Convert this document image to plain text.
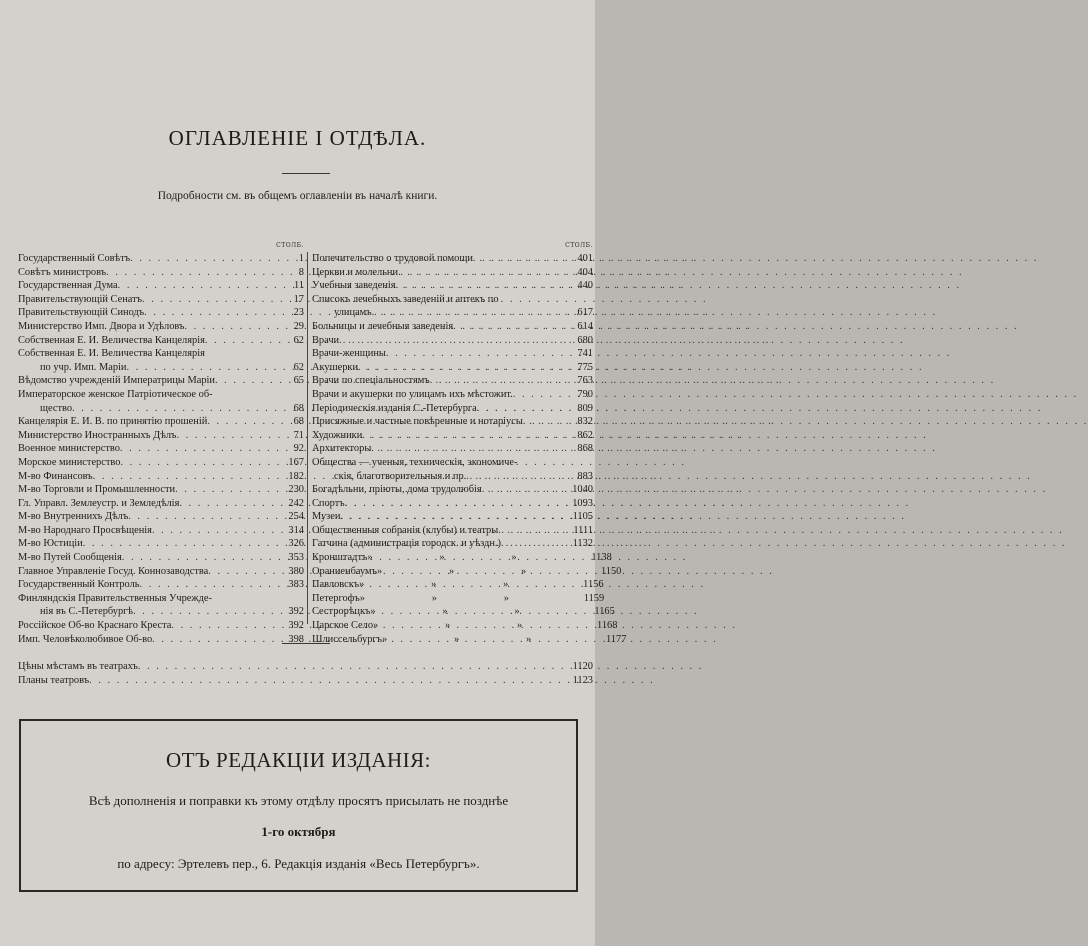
ОГЛАВЛЕНIЕ I ОТДѢЛА.
Подробности см. въ общемъ оглавленiи въ началѣ книги.
СТОЛБ.
Государственный Совѣтъ . . .	1
Совѣтъ министровъ . . .	8
Государственная Дума . . .	11
Правительствующiй Сенатъ . . .	17
Правительствующiй Синодъ . . .	23
Министерство Имп. Двора и Удѣловъ . . .	29
Собственная Е. И. Величества Канцелярiя . . .	62
Собственная Е. И. Величества Канцелярiя
по учр. Имп. Марiи . . .	62
Вѣдомство учрежденiй Императрицы Марiи . . .	65
Императорское женское Патрiотическое об-
щество . . .	68
Канцелярiя Е. И. В. по принятiю прошенiй . . .	68
Министерство Иностранныхъ Дѣлъ . . .	71
Военное министерство . . .	92
Морское министерство . . .	167
М-во Финансовъ . . .	182
М-во Торговли и Промышленности . . .	230
Гл. Управл. Землеустр. и Земледѣлiя . . .	242
М-во Внутреннихъ Дѣлъ . . .	254
М-во Народнаго Просвѣщенiя . . .	314
М-во Юстицiи . . .	326
М-во Путей Сообщенiя . . .	353
Главное Управленiе Госуд. Коннозаводства . . .	380
Государственный Контроль . . .	383
Финляндскiя Правительственныя Учрежде-
нiя въ С.-Петербургѣ . . .	392
Россiйское Об-во Краснаго Креста . . .	392
Имп. Человѣколюбивое Об-во . . .	398
СТОЛБ.
Попечительство о трудовой помощи . . .	401
Церкви и молельни . . .	404
Учебныя заведенiя . . .	440
Списокъ лечебныхъ заведенiй и аптекъ по
улицамъ . . .	617
Больницы и лечебныя заведенiя . . .	614
Врачи . . .	680
Врачи-женщины . . .	741
Акушерки . . .	775
Врачи по спецiальностямъ . . .	763
Врачи и акушерки по улицамъ ихъ мѣстожит. . . .	790
Перiодическiя изданiя С.-Петербурга . . .	809
Присяжные и частные повѣренные и нотарiусы . . .	832
Художники . . .	862
Архитекторы . . .	868
Общества — ученыя, техническiя, экономиче-
скiя, благотворительныя и пр. . . .	883
Богадѣльни, прiюты, дома трудолюбiя . . .	1040
Спортъ . . .	1093
Музеи . . .	1105
Общественныя собранiя (клубы) и театры . . .	1111
Гатчина (администрацiя городск. и уѣздн.) . . .	1132
Кронштадтъ »	»	»	1138
Ораниенбаумъ »	»	»	1150
Павловскъ »	»	»	1156
Петергофъ »	»	»	1159
Сестрорѣцкъ »	»	»	1165
Царское Село »	»	»	1168
Шлиссельбургъ »	»	»	1177
Цѣны мѣстамъ въ театрахъ . . .	1120
Планы театровъ . . .	1123
ОТЪ РЕДАКЦIИ ИЗДАНIЯ:
Всѣ дополненiя и поправки къ этому отдѣлу просятъ присылать не позднѣе
1-го октября
по адресу: Эртелевъ пер., 6. Редакцiя изданiя «Весь Петербургъ».
